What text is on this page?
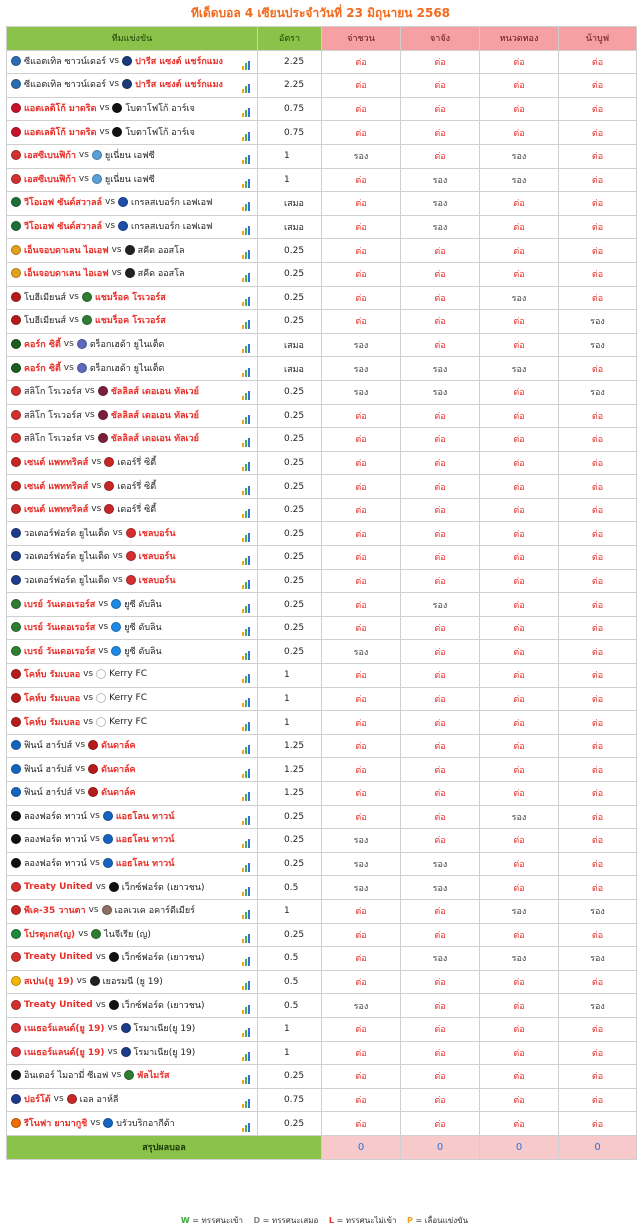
ทีเด็ดบอล 4 เซียนประจำวันที่ 23 มิถุนายน 2568
ทีมแข่งขัน	อัตรา	จ่าชวน	จาจัง	หนวดทอง	น้าบูฟ
ซีแอตเทิล ซาวน์เดอร์ vs ปารีส แซงต์ แชร์กแมง	2.25	ต่อ	ต่อ	ต่อ	ต่อ
ซีแอตเทิล ซาวน์เดอร์ vs ปารีส แซงต์ แชร์กแมง	2.25	ต่อ	ต่อ	ต่อ	ต่อ
แอตเลติโก้ มาดริด vs โบตาโฟโก้ อาร์เจ	0.75	ต่อ	ต่อ	ต่อ	ต่อ
แอตเลติโก้ มาดริด vs โบตาโฟโก้ อาร์เจ	0.75	ต่อ	ต่อ	ต่อ	ต่อ
เอสซีเบนฟิก้า vs ยูเนี่ยน เอฟซี	1	รอง	ต่อ	รอง	ต่อ
เอสซีเบนฟิก้า vs ยูเนี่ยน เอฟซี	1	ต่อ	รอง	รอง	ต่อ
วีโอเอฟ ซันด์สวาลล์ vs เกรลสเบอร์ก เอฟเอฟ	เสมอ	ต่อ	รอง	ต่อ	ต่อ
วีโอเอฟ ซันด์สวาลล์ vs เกรลสเบอร์ก เอฟเอฟ	เสมอ	ต่อ	รอง	ต่อ	ต่อ
เอ็นจอบดาเลน ไอเอฟ vs สคีด ออสโล	0.25	ต่อ	ต่อ	ต่อ	ต่อ
เอ็นจอบดาเลน ไอเอฟ vs สคีด ออสโล	0.25	ต่อ	ต่อ	ต่อ	ต่อ
โบฮีเมียนส์ vs แชมร็อค โรเวอร์ส	0.25	ต่อ	ต่อ	รอง	ต่อ
โบฮีเมียนส์ vs แชมร็อค โรเวอร์ส	0.25	ต่อ	ต่อ	ต่อ	รอง
คอร์ก ซิตี้ vs ดร็อกเฮด้า ยูไนเต็ด	เสมอ	รอง	ต่อ	ต่อ	รอง
คอร์ก ซิตี้ vs ดร็อกเฮด้า ยูไนเต็ด	เสมอ	รอง	รอง	รอง	ต่อ
สลิโก โรเวอร์ส vs ชัลลิลส์ เดอเอน ทัลเวย์	0.25	รอง	รอง	ต่อ	รอง
สลิโก โรเวอร์ส vs ชัลลิลส์ เดอเอน ทัลเวย์	0.25	ต่อ	ต่อ	ต่อ	ต่อ
สลิโก โรเวอร์ส vs ชัลลิลส์ เดอเอน ทัลเวย์	0.25	ต่อ	ต่อ	ต่อ	ต่อ
เซนต์ แพททริคส์ vs เดอร์รี่ ซิตี้	0.25	ต่อ	ต่อ	ต่อ	ต่อ
เซนต์ แพททริคส์ vs เดอร์รี่ ซิตี้	0.25	ต่อ	ต่อ	ต่อ	ต่อ
เซนต์ แพททริคส์ vs เดอร์รี่ ซิตี้	0.25	ต่อ	ต่อ	ต่อ	ต่อ
วอเตอร์ฟอร์ด ยูไนเต็ด vs เชลบอร์น	0.25	ต่อ	ต่อ	ต่อ	ต่อ
วอเตอร์ฟอร์ด ยูไนเต็ด vs เชลบอร์น	0.25	ต่อ	ต่อ	ต่อ	ต่อ
วอเตอร์ฟอร์ด ยูไนเต็ด vs เชลบอร์น	0.25	ต่อ	ต่อ	ต่อ	ต่อ
เบรย์ วันเดอเรอร์ส vs ยูซี ดับลิน	0.25	ต่อ	รอง	ต่อ	ต่อ
เบรย์ วันเดอเรอร์ส vs ยูซี ดับลิน	0.25	ต่อ	ต่อ	ต่อ	ต่อ
เบรย์ วันเดอเรอร์ส vs ยูซี ดับลิน	0.25	รอง	ต่อ	ต่อ	ต่อ
โคห์บ รัมเบลอ vs Kerry FC	1	ต่อ	ต่อ	ต่อ	ต่อ
โคห์บ รัมเบลอ vs Kerry FC	1	ต่อ	ต่อ	ต่อ	ต่อ
โคห์บ รัมเบลอ vs Kerry FC	1	ต่อ	ต่อ	ต่อ	ต่อ
ฟินน์ ฮาร์ปส์ vs ดันดาล์ค	1.25	ต่อ	ต่อ	ต่อ	ต่อ
ฟินน์ ฮาร์ปส์ vs ดันดาล์ค	1.25	ต่อ	ต่อ	ต่อ	ต่อ
ฟินน์ ฮาร์ปส์ vs ดันดาล์ค	1.25	ต่อ	ต่อ	ต่อ	ต่อ
ลองฟอร์ด ทาวน์ vs แอธโลน ทาวน์	0.25	ต่อ	ต่อ	รอง	ต่อ
ลองฟอร์ด ทาวน์ vs แอธโลน ทาวน์	0.25	รอง	ต่อ	ต่อ	ต่อ
ลองฟอร์ด ทาวน์ vs แอธโลน ทาวน์	0.25	รอง	รอง	ต่อ	ต่อ
Treaty United vs เว็กซ์ฟอร์ด (เยาวชน)	0.5	รอง	รอง	ต่อ	ต่อ
พีเค-35 วานตา vs เอลเวเค อคาร์ดีเมียร์	1	ต่อ	ต่อ	รอง	รอง
โปรตุเกส(ญ) vs ไนจีเรีย (ญ)	0.25	ต่อ	ต่อ	ต่อ	ต่อ
Treaty United vs เว็กซ์ฟอร์ด (เยาวชน)	0.5	ต่อ	รอง	รอง	รอง
สเปน(ยู 19) vs เยอรมนี (ยู 19)	0.5	ต่อ	ต่อ	ต่อ	ต่อ
Treaty United vs เว็กซ์ฟอร์ด (เยาวชน)	0.5	รอง	ต่อ	ต่อ	รอง
เนเธอร์แลนด์(ยู 19) vs โรมาเนีย(ยู 19)	1	ต่อ	ต่อ	ต่อ	ต่อ
เนเธอร์แลนด์(ยู 19) vs โรมาเนีย(ยู 19)	1	ต่อ	ต่อ	ต่อ	ต่อ
อินเตอร์ ไมอามี่ ซีเอฟ vs พัลไมรัส	0.25	ต่อ	ต่อ	ต่อ	ต่อ
ปอร์โต้ vs เอล อาห์ลี	0.75	ต่อ	ต่อ	ต่อ	ต่อ
รีโนฟา ยามากูชิ vs บรัวบริกอากีต้า	0.25	ต่อ	ต่อ	ต่อ	ต่อ
สรุปผลบอล		0	0	0	0
W = ทรรศนะเข้า D = ทรรศนะเสมอ L = ทรรศนะไม่เข้า P = เลื่อนแข่งขัน
